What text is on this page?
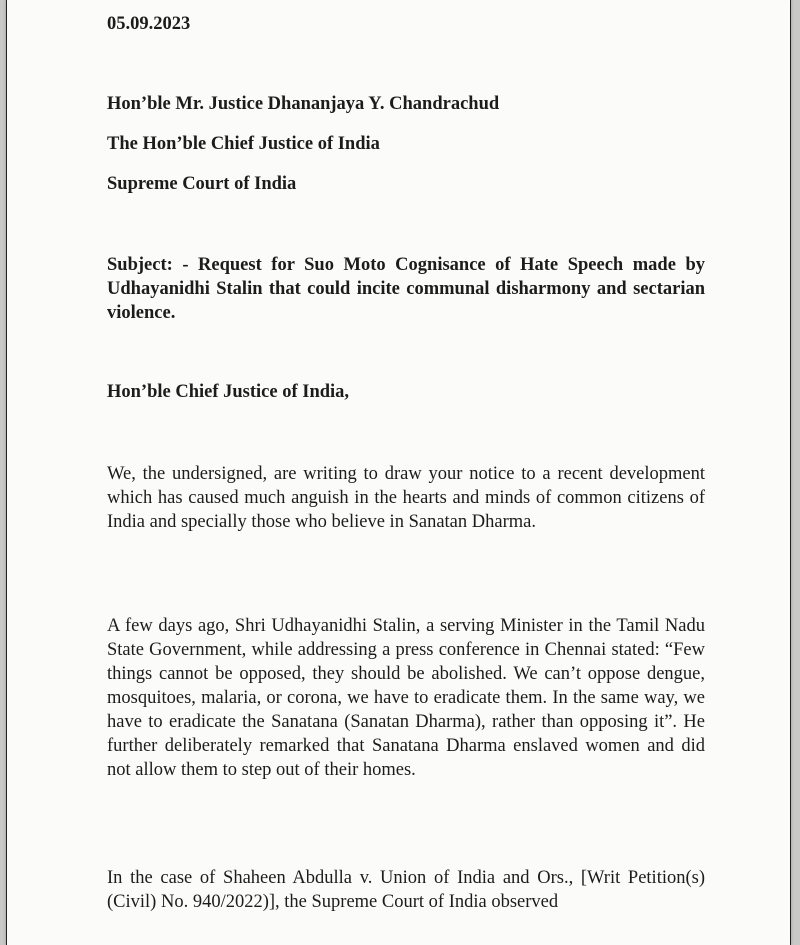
05.09.2023
Hon’ble Mr. Justice Dhananjaya Y. Chandrachud
The Hon’ble Chief Justice of India
Supreme Court of India
Subject: - Request for Suo Moto Cognisance of Hate Speech made by Udhayanidhi Stalin that could incite communal disharmony and sectarian violence.
Hon’ble Chief Justice of India,
We, the undersigned, are writing to draw your notice to a recent development which has caused much anguish in the hearts and minds of common citizens of India and specially those who believe in Sanatan Dharma.
A few days ago, Shri Udhayanidhi Stalin, a serving Minister in the Tamil Nadu State Government, while addressing a press conference in Chennai stated: “Few things cannot be opposed, they should be abolished. We can’t oppose dengue, mosquitoes, malaria, or corona, we have to eradicate them. In the same way, we have to eradicate the Sanatana (Sanatan Dharma), rather than opposing it”. He further deliberately remarked that Sanatana Dharma enslaved women and did not allow them to step out of their homes.
In the case of Shaheen Abdulla v. Union of India and Ors., [Writ Petition(s) (Civil) No. 940/2022)], the Supreme Court of India observed
